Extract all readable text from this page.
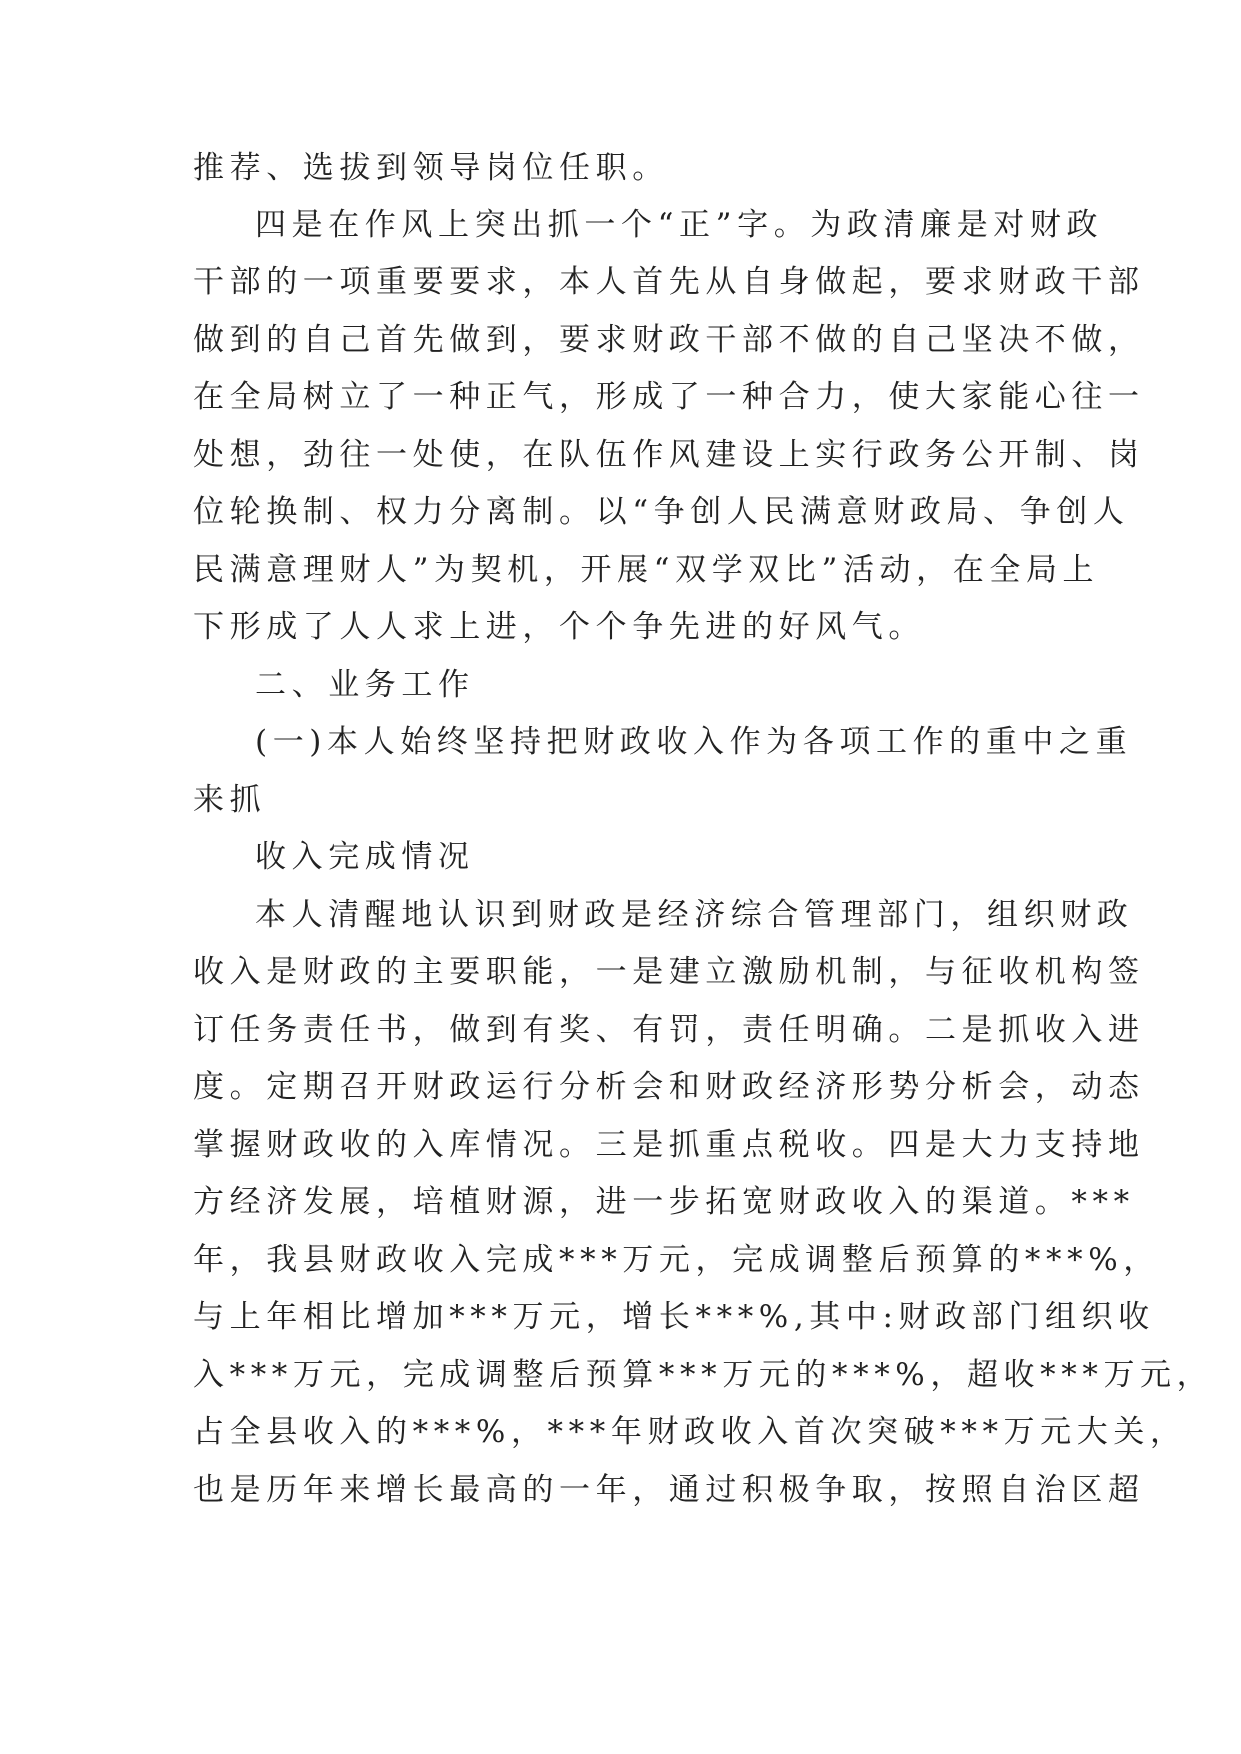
推荐、选拔到领导岗位任职。
四是在作风上突出抓一个“正”字。为政清廉是对财政
干部的一项重要要求，本人首先从自身做起，要求财政干部
做到的自己首先做到，要求财政干部不做的自己坚决不做，
在全局树立了一种正气，形成了一种合力，使大家能心往一
处想，劲往一处使，在队伍作风建设上实行政务公开制、岗
位轮换制、权力分离制。以“争创人民满意财政局、争创人
民满意理财人”为契机，开展“双学双比”活动，在全局上
下形成了人人求上进，个个争先进的好风气。
二、业务工作
(一)本人始终坚持把财政收入作为各项工作的重中之重
来抓
收入完成情况
本人清醒地认识到财政是经济综合管理部门，组织财政
收入是财政的主要职能，一是建立激励机制，与征收机构签
订任务责任书，做到有奖、有罚，责任明确。二是抓收入进
度。定期召开财政运行分析会和财政经济形势分析会，动态
掌握财政收的入库情况。三是抓重点税收。四是大力支持地
方经济发展，培植财源，进一步拓宽财政收入的渠道。***
年，我县财政收入完成***万元，完成调整后预算的***%，
与上年相比增加***万元，增长***%,其中:财政部门组织收
入***万元，完成调整后预算***万元的***%，超收***万元，
占全县收入的***%，***年财政收入首次突破***万元大关，
也是历年来增长最高的一年，通过积极争取，按照自治区超
